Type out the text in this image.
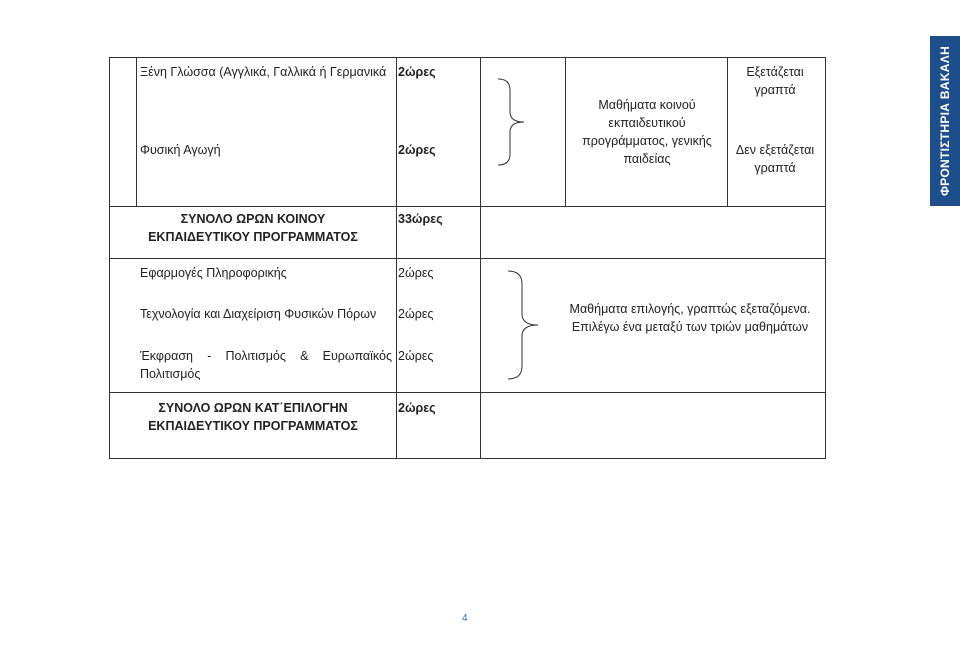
Ξένη Γλώσσα (Αγγλικά, Γαλλικά ή Γερμανικά 2ώρες
Φυσική Αγωγή	2ώρες
Μαθήματα κοινού εκπαιδευτικού προγράμματος, γενικής παιδείας
Εξετάζεται γραπτά
Δεν εξετάζεται γραπτά
ΣΥΝΟΛΟ ΩΡΩΝ ΚΟΙΝΟΥ ΕΚΠΑΙΔΕΥΤΙΚΟΥ ΠΡΟΓΡΑΜΜΑΤΟΣ
33ώρες
Εφαρμογές Πληροφορικής	2ώρες
Τεχνολογία και Διαχείριση Φυσικών Πόρων 2ώρες
Έκφραση - Πολιτισμός & Ευρωπαϊκός Πολιτισμός
2ώρες
Μαθήματα επιλογής, γραπτώς εξεταζόμενα. Επιλέγω ένα μεταξύ των τριών μαθημάτων
ΣΥΝΟΛΟ ΩΡΩΝ ΚΑΤ΄ΕΠΙΛΟΓΗΝ ΕΚΠΑΙΔΕΥΤΙΚΟΥ ΠΡΟΓΡΑΜΜΑΤΟΣ
2ώρες
ΦΡΟΝΤΙΣΤΗΡΙΑ ΒΑΚΑΛΗ
4
